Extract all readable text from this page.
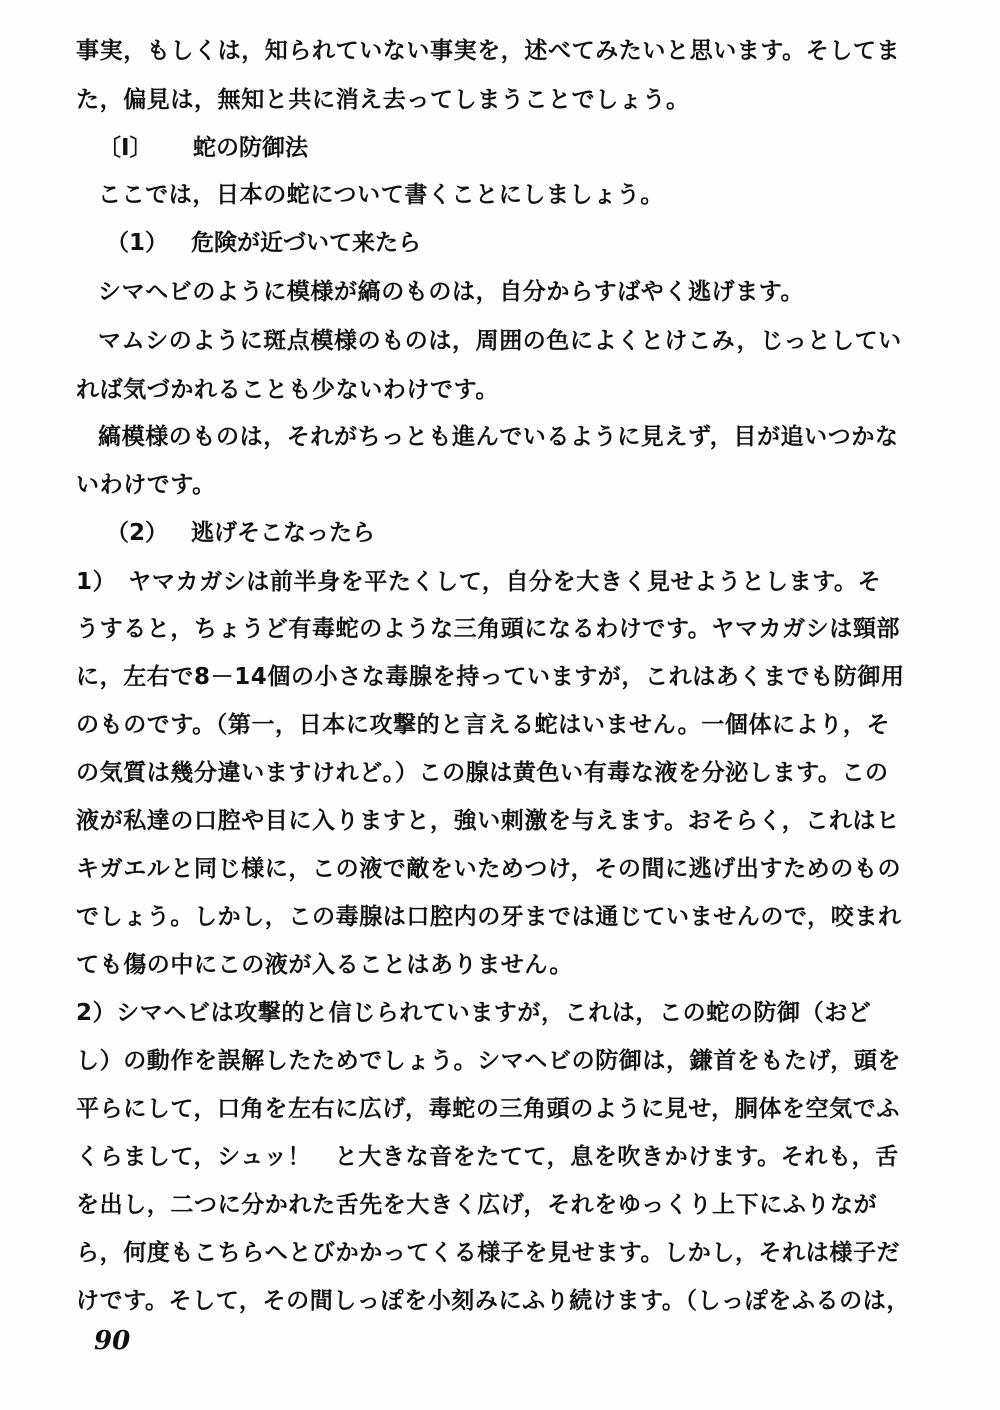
事実，もしくは，知られていない事実を，述べてみたいと思います。そしてま
た，偏見は，無知と共に消え去ってしまうことでしょう。
〔Ⅰ〕 蛇の防御法
ここでは，日本の蛇について書くことにしましょう。
（1） 危険が近づいて来たら
シマヘビのように模様が縞のものは，自分からすばやく逃げます。
マムシのように斑点模様のものは，周囲の色によくとけこみ，じっとしてい
れば気づかれることも少ないわけです。
縞模様のものは，それがちっとも進んでいるように見えず，目が追いつかな
いわけです。
（2） 逃げそこなったら
1）　ヤマカガシは前半身を平たくして，自分を大きく見せようとします。そ
うすると，ちょうど有毒蛇のような三角頭になるわけです。ヤマカガシは頸部
に，左右で8－14個の小さな毒腺を持っていますが，これはあくまでも防御用
のものです。（第一，日本に攻撃的と言える蛇はいません。一個体により，そ
の気質は幾分違いますけれど。）この腺は黄色い有毒な液を分泌します。この
液が私達の口腔や目に入りますと，強い刺激を与えます。おそらく，これはヒ
キガエルと同じ様に，この液で敵をいためつけ，その間に逃げ出すためのもの
でしょう。しかし，この毒腺は口腔内の牙までは通じていませんので，咬まれ
ても傷の中にこの液が入ることはありません。
2）シマヘビは攻撃的と信じられていますが，これは，この蛇の防御（おど
し）の動作を誤解したためでしょう。シマヘビの防御は，鎌首をもたげ，頭を
平らにして，口角を左右に広げ，毒蛇の三角頭のように見せ，胴体を空気でふ
くらまして，シュッ！　と大きな音をたてて，息を吹きかけます。それも，舌
を出し，二つに分かれた舌先を大きく広げ，それをゆっくり上下にふりなが
ら，何度もこちらへとびかかってくる様子を見せます。しかし，それは様子だ
けです。そして，その間しっぽを小刻みにふり続けます。（しっぽをふるのは，
90
